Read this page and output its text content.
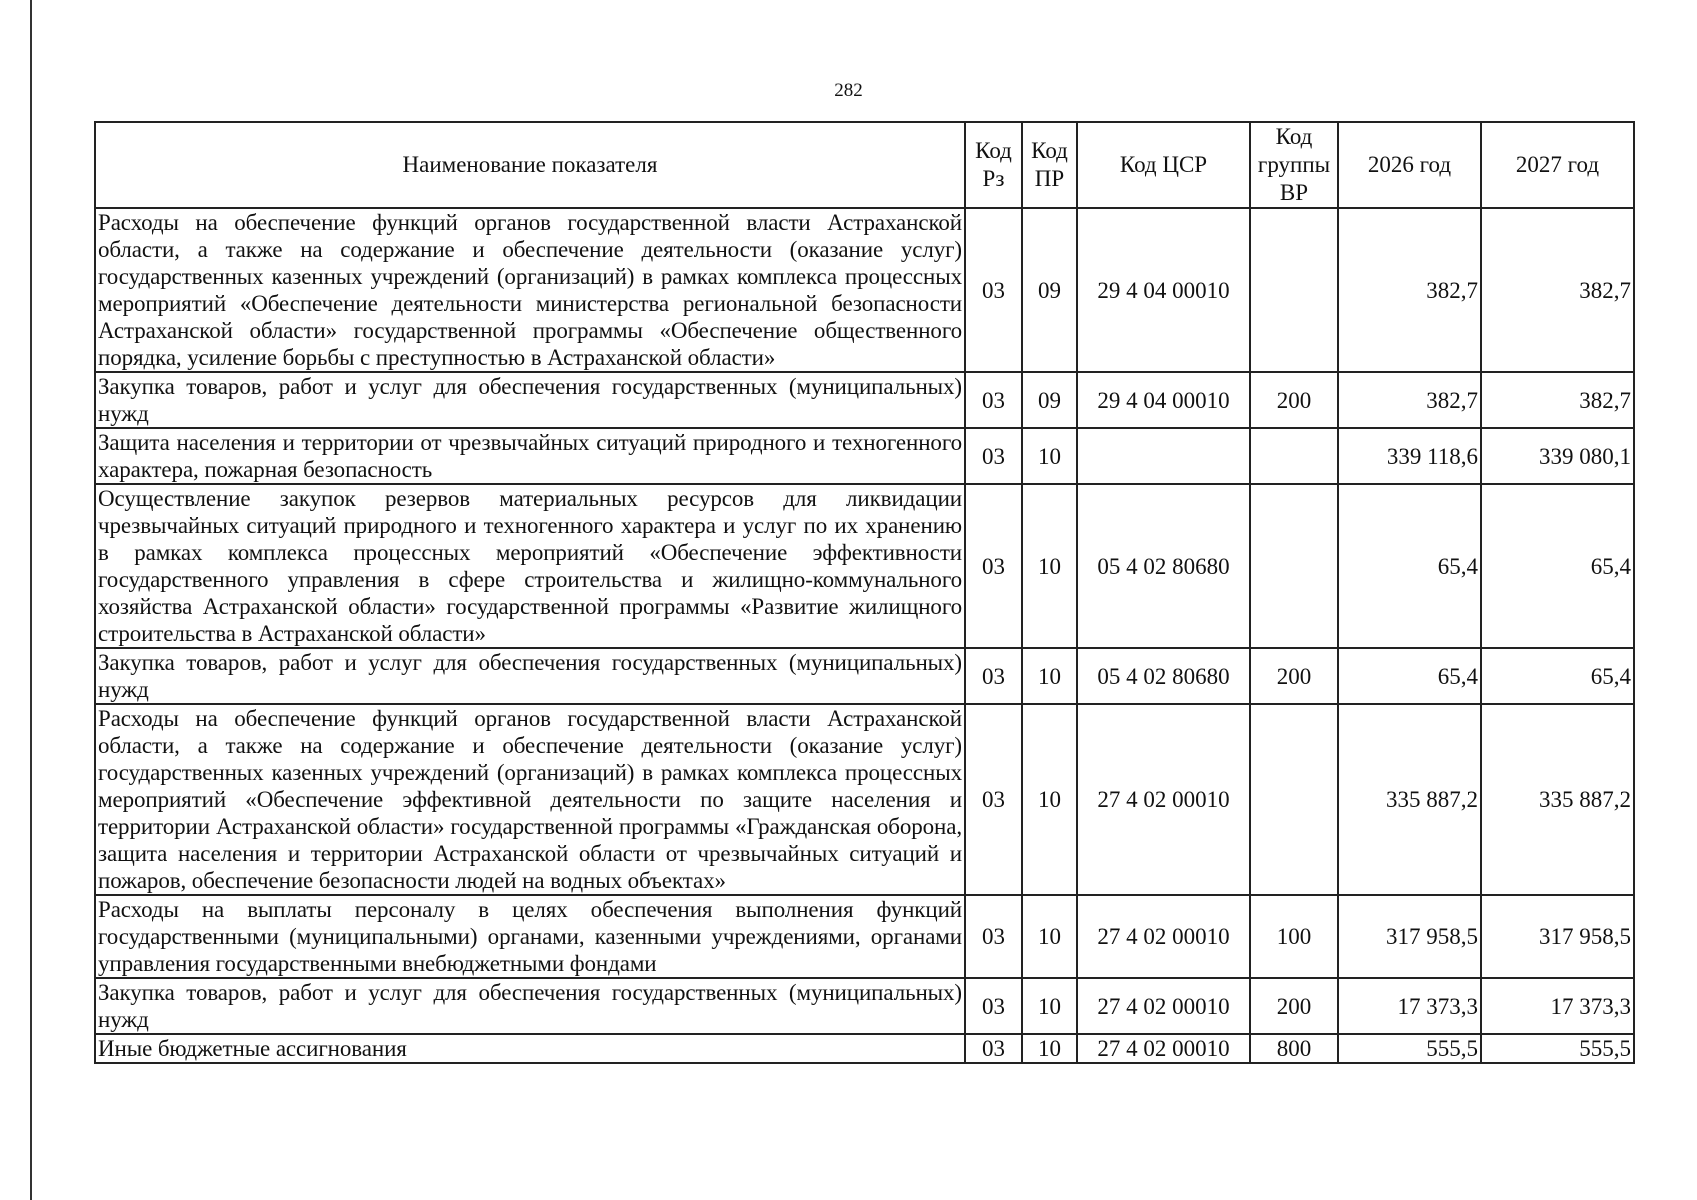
282
Наименование показателя	Код Рз	Код ПР	Код ЦСР	Код группы ВР	2026 год	2027 год
Расходы на обеспечение функций органов государственной власти Астраханской области, а также на содержание и обеспечение деятельности (оказание услуг) государственных казенных учреждений (организаций) в рамках комплекса процессных мероприятий «Обеспечение деятельности министерства региональной безопасности Астраханской области» государственной программы «Обеспечение общественного порядка, усиление борьбы с преступностью в Астраханской области»	03	09	29 4 04 00010		382,7	382,7
Закупка товаров, работ и услуг для обеспечения государственных (муниципальных) нужд	03	09	29 4 04 00010	200	382,7	382,7
Защита населения и территории от чрезвычайных ситуаций природного и техногенного характера, пожарная безопасность	03	10			339 118,6	339 080,1
Осуществление закупок резервов материальных ресурсов для ликвидации чрезвычайных ситуаций природного и техногенного характера и услуг по их хранению в рамках комплекса процессных мероприятий «Обеспечение эффективности государственного управления в сфере строительства и жилищно-коммунального хозяйства Астраханской области» государственной программы «Развитие жилищного строительства в Астраханской области»	03	10	05 4 02 80680		65,4	65,4
Закупка товаров, работ и услуг для обеспечения государственных (муниципальных) нужд	03	10	05 4 02 80680	200	65,4	65,4
Расходы на обеспечение функций органов государственной власти Астраханской области, а также на содержание и обеспечение деятельности (оказание услуг) государственных казенных учреждений (организаций) в рамках комплекса процессных мероприятий «Обеспечение эффективной деятельности по защите населения и территории Астраханской области» государственной программы «Гражданская оборона, защита населения и территории Астраханской области от чрезвычайных ситуаций и пожаров, обеспечение безопасности людей на водных объектах»	03	10	27 4 02 00010		335 887,2	335 887,2
Расходы на выплаты персоналу в целях обеспечения выполнения функций государственными (муниципальными) органами, казенными учреждениями, органами управления государственными внебюджетными фондами	03	10	27 4 02 00010	100	317 958,5	317 958,5
Закупка товаров, работ и услуг для обеспечения государственных (муниципальных) нужд	03	10	27 4 02 00010	200	17 373,3	17 373,3
Иные бюджетные ассигнования	03	10	27 4 02 00010	800	555,5	555,5
